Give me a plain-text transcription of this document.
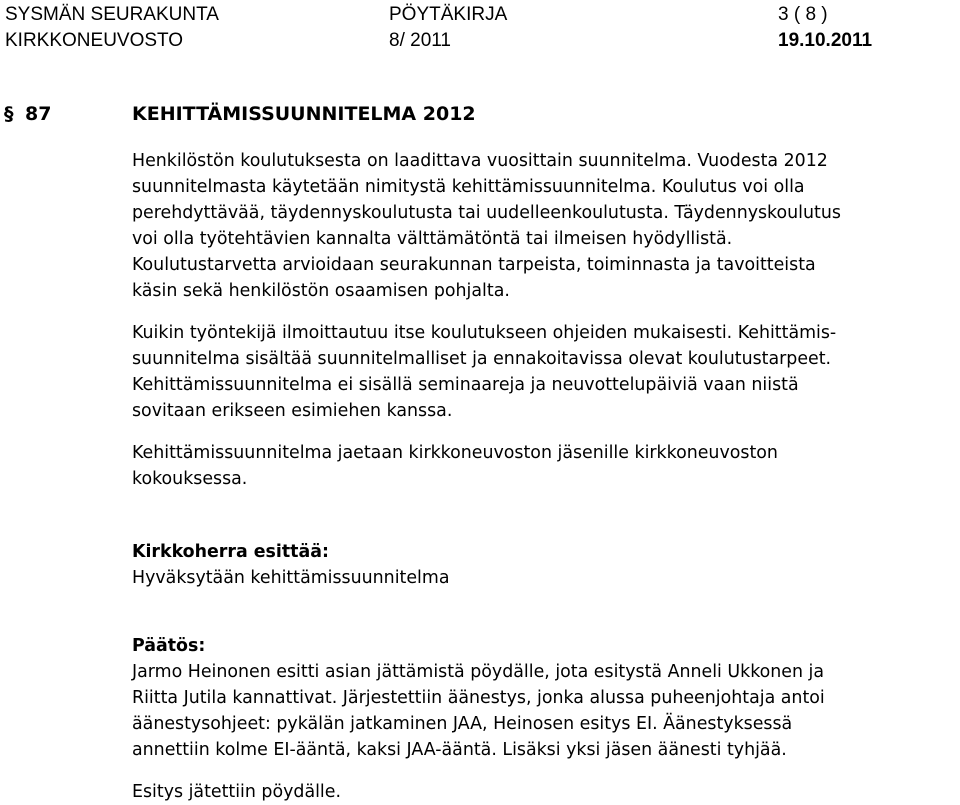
SYSMÄN SEURAKUNTA	PÖYTÄKIRJA	3 ( 8 )
KIRKKONEUVOSTO	8/ 2011	19.10.2011
§ 87	KEHITTÄMISSUUNNITELMA 2012

Henkilöstön koulutuksesta on laadittava vuosittain suunnitelma. Vuodesta 2012

suunnitelmasta käytetään nimitystä kehittämissuunnitelma. Koulutus voi olla

perehdyttävää, täydennyskoulutusta tai uudelleenkoulutusta. Täydennyskoulutus

voi olla työtehtävien kannalta välttämätöntä tai ilmeisen hyödyllistä.

Koulutustarvetta arvioidaan seurakunnan tarpeista, toiminnasta ja tavoitteista

käsin sekä henkilöstön osaamisen pohjalta.

Kuikin työntekijä ilmoittautuu itse koulutukseen ohjeiden mukaisesti. Kehittämis-

suunnitelma sisältää suunnitelmalliset ja ennakoitavissa olevat koulutustarpeet.

Kehittämissuunnitelma ei sisällä seminaareja ja neuvottelupäiviä vaan niistä

sovitaan erikseen esimiehen kanssa.

Kehittämissuunnitelma jaetaan kirkkoneuvoston jäsenille kirkkoneuvoston

kokouksessa.

Kirkkoherra esittää:

Hyväksytään kehittämissuunnitelma

Päätös:

Jarmo Heinonen esitti asian jättämistä pöydälle, jota esitystä Anneli Ukkonen ja

Riitta Jutila kannattivat. Järjestettiin äänestys, jonka alussa puheenjohtaja antoi

äänestysohjeet: pykälän jatkaminen JAA, Heinosen esitys EI. Äänestyksessä

annettiin kolme EI-ääntä, kaksi JAA-ääntä. Lisäksi yksi jäsen äänesti tyhjää.

Esitys jätettiin pöydälle.
